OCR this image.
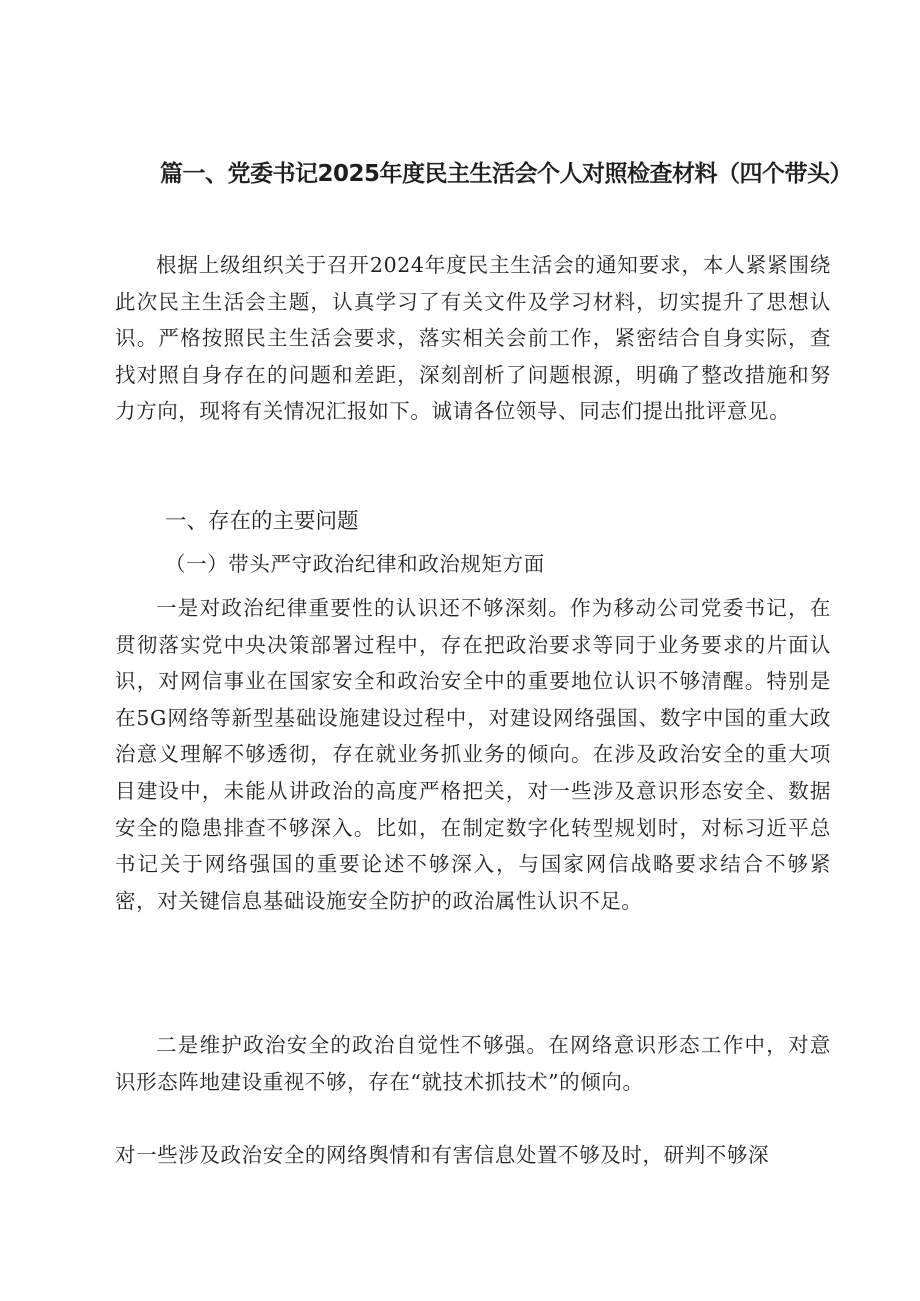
篇一、党委书记2025年度民主生活会个人对照检查材料（四个带头）

根据上级组织关于召开2024年度民主生活会的通知要求，本人紧紧围绕此次民主生活会主题，认真学习了有关文件及学习材料，切实提升了思想认识。严格按照民主生活会要求，落实相关会前工作，紧密结合自身实际，查找对照自身存在的问题和差距，深刻剖析了问题根源，明确了整改措施和努力方向，现将有关情况汇报如下。诚请各位领导、同志们提出批评意见。

一、存在的主要问题
（一）带头严守政治纪律和政治规矩方面

一是对政治纪律重要性的认识还不够深刻。作为移动公司党委书记，在贯彻落实党中央决策部署过程中，存在把政治要求等同于业务要求的片面认识，对网信事业在国家安全和政治安全中的重要地位认识不够清醒。特别是在5G网络等新型基础设施建设过程中，对建设网络强国、数字中国的重大政治意义理解不够透彻，存在就业务抓业务的倾向。在涉及政治安全的重大项目建设中，未能从讲政治的高度严格把关，对一些涉及意识形态安全、数据安全的隐患排查不够深入。比如，在制定数字化转型规划时，对标习近平总书记关于网络强国的重要论述不够深入，与国家网信战略要求结合不够紧密，对关键信息基础设施安全防护的政治属性认识不足。

二是维护政治安全的政治自觉性不够强。在网络意识形态工作中，对意识形态阵地建设重视不够，存在“就技术抓技术”的倾向。

对一些涉及政治安全的网络舆情和有害信息处置不够及时，研判不够深
